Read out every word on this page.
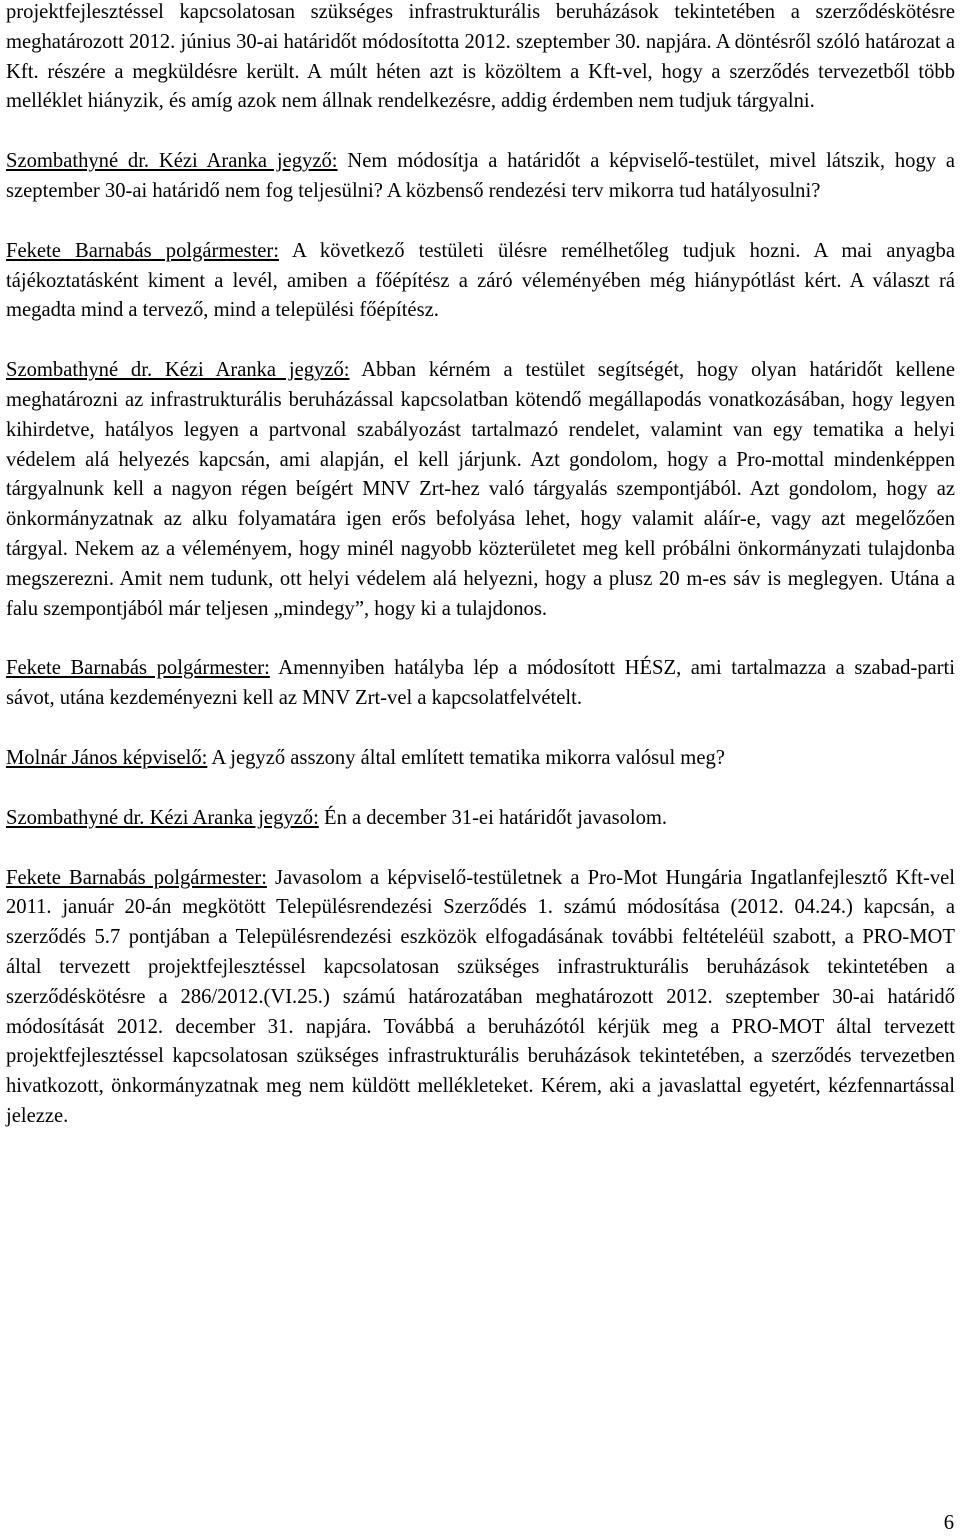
projektfejlesztéssel kapcsolatosan szükséges infrastrukturális beruházások tekintetében a szerződéskötésre meghatározott 2012. június 30-ai határidőt módosította 2012. szeptember 30. napjára. A döntésről szóló határozat a Kft. részére a megküldésre került. A múlt héten azt is közöltem a Kft-vel, hogy a szerződés tervezetből több melléklet hiányzik, és amíg azok nem állnak rendelkezésre, addig érdemben nem tudjuk tárgyalni.

Szombathyné dr. Kézi Aranka jegyző: Nem módosítja a határidőt a képviselő-testület, mivel látszik, hogy a szeptember 30-ai határidő nem fog teljesülni? A közbenső rendezési terv mikorra tud hatályosulni?

Fekete Barnabás polgármester: A következő testületi ülésre remélhetőleg tudjuk hozni. A mai anyagba tájékoztatásként kiment a levél, amiben a főépítész a záró véleményében még hiánypótlást kért. A választ rá megadta mind a tervező, mind a települési főépítész.

Szombathyné dr. Kézi Aranka jegyző: Abban kérném a testület segítségét, hogy olyan határidőt kellene meghatározni az infrastrukturális beruházással kapcsolatban kötendő megállapodás vonatkozásában, hogy legyen kihirdetve, hatályos legyen a partvonal szabályozást tartalmazó rendelet, valamint van egy tematika a helyi védelem alá helyezés kapcsán, ami alapján, el kell járjunk. Azt gondolom, hogy a Pro-mottal mindenképpen tárgyalnunk kell a nagyon régen beígért MNV Zrt-hez való tárgyalás szempontjából. Azt gondolom, hogy az önkormányzatnak az alku folyamatára igen erős befolyása lehet, hogy valamit aláír-e, vagy azt megelőzően tárgyal. Nekem az a véleményem, hogy minél nagyobb közterületet meg kell próbálni önkormányzati tulajdonba megszerezni. Amit nem tudunk, ott helyi védelem alá helyezni, hogy a plusz 20 m-es sáv is meglegyen. Utána a falu szempontjából már teljesen „mindegy”, hogy ki a tulajdonos.

Fekete Barnabás polgármester: Amennyiben hatályba lép a módosított HÉSZ, ami tartalmazza a szabad-parti sávot, utána kezdeményezni kell az MNV Zrt-vel a kapcsolatfelvételt.

Molnár János képviselő: A jegyző asszony által említett tematika mikorra valósul meg?

Szombathyné dr. Kézi Aranka jegyző: Én a december 31-ei határidőt javasolom.

Fekete Barnabás polgármester: Javasolom a képviselő-testületnek a Pro-Mot Hungária Ingatlanfejlesztő Kft-vel 2011. január 20-án megkötött Településrendezési Szerződés 1. számú módosítása (2012. 04.24.) kapcsán, a szerződés 5.7 pontjában a Településrendezési eszközök elfogadásának további feltételéül szabott, a PRO-MOT által tervezett projektfejlesztéssel kapcsolatosan szükséges infrastrukturális beruházások tekintetében a szerződéskötésre a 286/2012.(VI.25.) számú határozatában meghatározott 2012. szeptember 30-ai határidő módosítását 2012. december 31. napjára. Továbbá a beruházótól kérjük meg a PRO-MOT által tervezett projektfejlesztéssel kapcsolatosan szükséges infrastrukturális beruházások tekintetében, a szerződés tervezetben hivatkozott, önkormányzatnak meg nem küldött mellékleteket. Kérem, aki a javaslattal egyetért, kézfennartással jelezze.

6
